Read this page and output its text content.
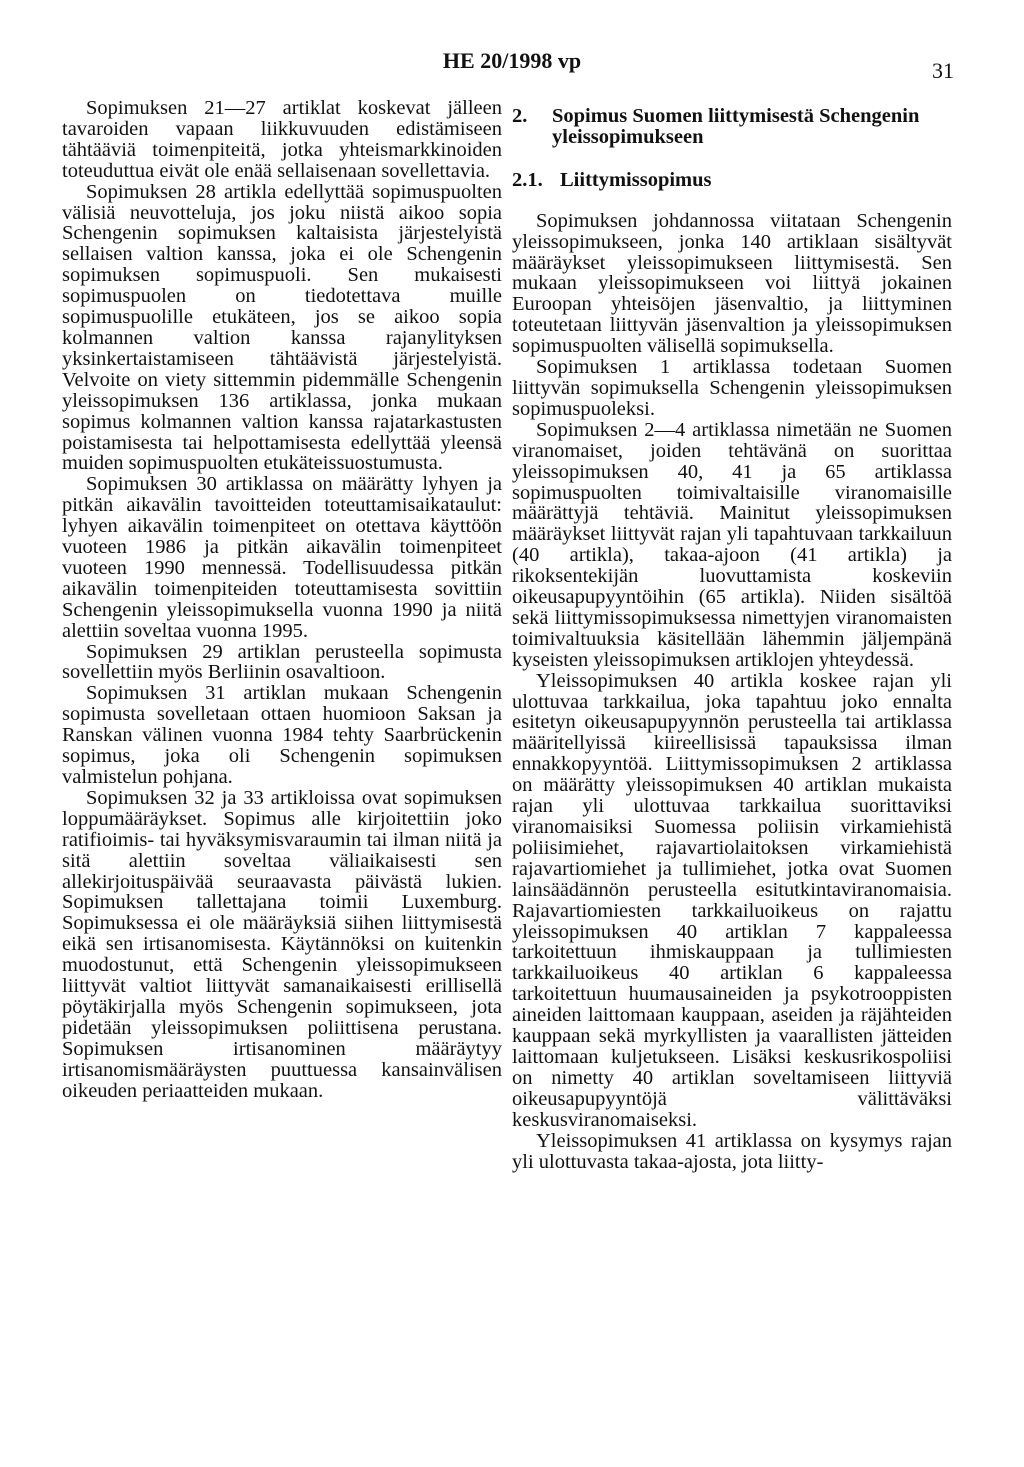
HE 20/1998 vp	31

Sopimuksen 21—27 artiklat koskevat jälleen tavaroiden vapaan liikkuvuuden edistämiseen tähtääviä toimenpiteitä, jotka yhteismarkkinoiden toteuduttua eivät ole enää sellaisenaan sovellettavia.

Sopimuksen 28 artikla edellyttää sopimuspuolten välisiä neuvotteluja, jos joku niistä aikoo sopia Schengenin sopimuksen kaltaisista järjestelyistä sellaisen valtion kanssa, joka ei ole Schengenin sopimuksen sopimuspuoli. Sen mukaisesti sopimuspuolen on tiedotettava muille sopimuspuolille etukäteen, jos se aikoo sopia kolmannen valtion kanssa rajanylityksen yksinkertaistamiseen tähtäävistä järjestelyistä. Velvoite on viety sittemmin pidemmälle Schengenin yleissopimuksen 136 artiklassa, jonka mukaan sopimus kolmannen valtion kanssa rajatarkastusten poistamisesta tai helpottamisesta edellyttää yleensä muiden sopimuspuolten etukäteissuostumusta.

Sopimuksen 30 artiklassa on määrätty lyhyen ja pitkän aikavälin tavoitteiden toteuttamisaikataulut: lyhyen aikavälin toimenpiteet on otettava käyttöön vuoteen 1986 ja pitkän aikavälin toimenpiteet vuoteen 1990 mennessä. Todellisuudessa pitkän aikavälin toimenpiteiden toteuttamisesta sovittiin Schengenin yleissopimuksella vuonna 1990 ja niitä alettiin soveltaa vuonna 1995.

Sopimuksen 29 artiklan perusteella sopimusta sovellettiin myös Berliinin osavaltioon.

Sopimuksen 31 artiklan mukaan Schengenin sopimusta sovelletaan ottaen huomioon Saksan ja Ranskan välinen vuonna 1984 tehty Saarbrückenin sopimus, joka oli Schengenin sopimuksen valmistelun pohjana.

Sopimuksen 32 ja 33 artikloissa ovat sopimuksen loppumääräykset. Sopimus alle kirjoitettiin joko ratifioimis- tai hyväksymisvaraumin tai ilman niitä ja sitä alettiin soveltaa väliaikaisesti sen allekirjoituspäivää seuraavasta päivästä lukien. Sopimuksen tallettajana toimii Luxemburg. Sopimuksessa ei ole määräyksiä siihen liittymisestä eikä sen irtisanomisesta. Käytännöksi on kuitenkin muodostunut, että Schengenin yleissopimukseen liittyvät valtiot liittyvät samanaikaisesti erillisellä pöytäkirjalla myös Schengenin sopimukseen, jota pidetään yleissopimuksen poliittisena perustana. Sopimuksen irtisanominen määräytyy irtisanomismääräysten puuttuessa kansainvälisen oikeuden periaatteiden mukaan.

2.	Sopimus Suomen liittymisestä Schengenin yleissopimukseen
2.1. Liittymissopimus

Sopimuksen johdannossa viitataan Schengenin yleissopimukseen, jonka 140 artiklaan sisältyvät määräykset yleissopimukseen liittymisestä. Sen mukaan yleissopimukseen voi liittyä jokainen Euroopan yhteisöjen jäsenvaltio, ja liittyminen toteutetaan liittyvän jäsenvaltion ja yleissopimuksen sopimuspuolten välisellä sopimuksella.

Sopimuksen 1 artiklassa todetaan Suomen liittyvän sopimuksella Schengenin yleissopimuksen sopimuspuoleksi.

Sopimuksen 2—4 artiklassa nimetään ne Suomen viranomaiset, joiden tehtävänä on suorittaa yleissopimuksen 40, 41 ja 65 artiklassa sopimuspuolten toimivaltaisille viranomaisille määrättyjä tehtäviä. Mainitut yleissopimuksen määräykset liittyvät rajan yli tapahtuvaan tarkkailuun (40 artikla), takaa-ajoon (41 artikla) ja rikoksentekijän luovuttamista koskeviin oikeusapupyyntöihin (65 artikla). Niiden sisältöä sekä liittymissopimuksessa nimettyjen viranomaisten toimivaltuuksia käsitellään lähemmin jäljempänä kyseisten yleissopimuksen artiklojen yhteydessä.

Yleissopimuksen 40 artikla koskee rajan yli ulottuvaa tarkkailua, joka tapahtuu joko ennalta esitetyn oikeusapupyynnön perusteella tai artiklassa määritellyissä kiireellisissä tapauksissa ilman ennakkopyyntöä. Liittymissopimuksen 2 artiklassa on määrätty yleissopimuksen 40 artiklan mukaista rajan yli ulottuvaa tarkkailua suorittaviksi viranomaisiksi Suomessa poliisin virkamiehistä poliisimiehet, rajavartiolaitoksen virkamiehistä rajavartiomiehet ja tullimiehet, jotka ovat Suomen lainsäädännön perusteella esitutkintaviranomaisia. Rajavartiomiesten tarkkailuoikeus on rajattu yleissopimuksen 40 artiklan 7 kappaleessa tarkoitettuun ihmiskauppaan ja tullimiesten tarkkailuoikeus 40 artiklan 6 kappaleessa tarkoitettuun huumausaineiden ja psykotrooppisten aineiden laittomaan kauppaan, aseiden ja räjähteiden kauppaan sekä myrkyllisten ja vaarallisten jätteiden laittomaan kuljetukseen. Lisäksi keskusrikospoliisi on nimetty 40 artiklan soveltamiseen liittyviä oikeusapupyyntöjä välittäväksi keskusviranomaiseksi.

Yleissopimuksen 41 artiklassa on kysymys rajan yli ulottuvasta takaa-ajosta, jota liitty-
